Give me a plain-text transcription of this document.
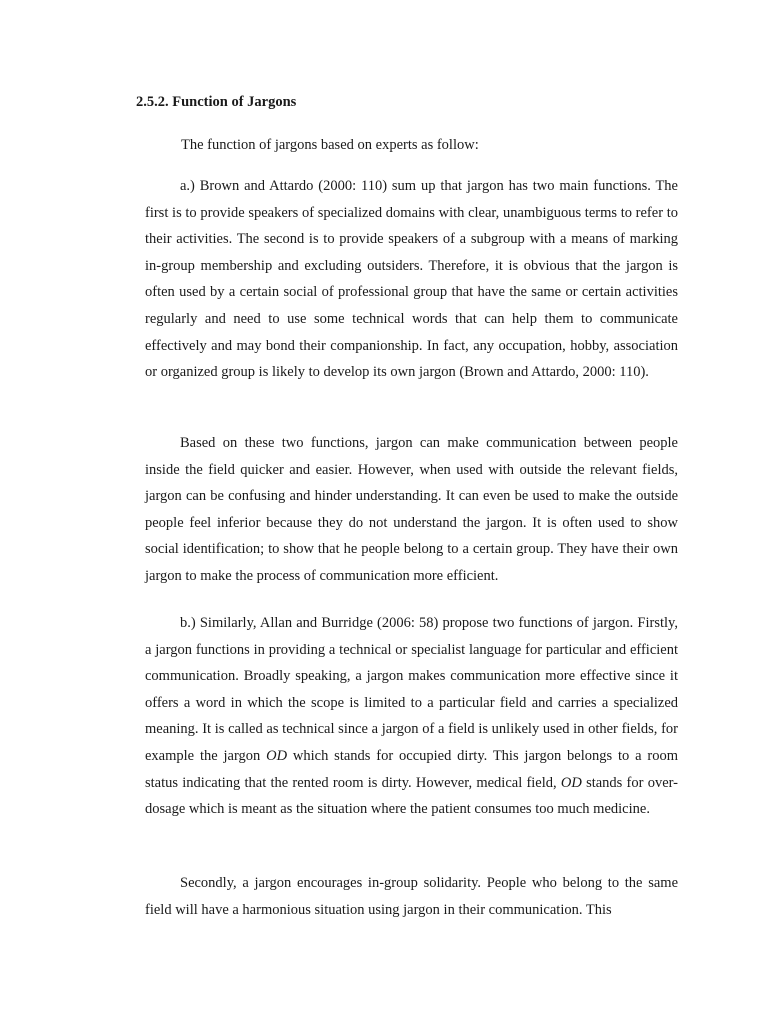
2.5.2. Function of Jargons
The function of jargons based on experts as follow:

a.) Brown and Attardo (2000: 110) sum up that jargon has two main functions. The first is to provide speakers of specialized domains with clear, unambiguous terms to refer to their activities. The second is to provide speakers of a subgroup with a means of marking in-group membership and excluding outsiders. Therefore, it is obvious that the jargon is often used by a certain social of professional group that have the same or certain activities regularly and need to use some technical words that can help them to communicate effectively and may bond their companionship. In fact, any occupation, hobby, association or organized group is likely to develop its own jargon (Brown and Attardo, 2000: 110).

Based on these two functions, jargon can make communication between people inside the field quicker and easier. However, when used with outside the relevant fields, jargon can be confusing and hinder understanding. It can even be used to make the outside people feel inferior because they do not understand the jargon. It is often used to show social identification; to show that he people belong to a certain group. They have their own jargon to make the process of communication more efficient.

b.) Similarly, Allan and Burridge (2006: 58) propose two functions of jargon. Firstly, a jargon functions in providing a technical or specialist language for particular and efficient communication. Broadly speaking, a jargon makes communication more effective since it offers a word in which the scope is limited to a particular field and carries a specialized meaning. It is called as technical since a jargon of a field is unlikely used in other fields, for example the jargon OD which stands for occupied dirty. This jargon belongs to a room status indicating that the rented room is dirty. However, medical field, OD stands for over-dosage which is meant as the situation where the patient consumes too much medicine.

Secondly, a jargon encourages in-group solidarity. People who belong to the same field will have a harmonious situation using jargon in their communication. This
